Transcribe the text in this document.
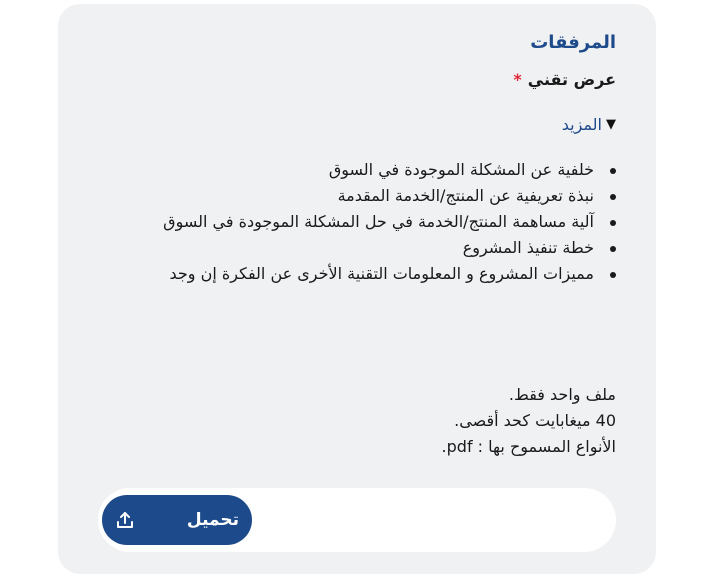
المرفقات
عرض تقني*
▼
المزيد
خلفية عن المشكلة الموجودة في السوق
نبذة تعريفية عن المنتج/الخدمة المقدمة
آلية مساهمة المنتج/الخدمة في حل المشكلة الموجودة في السوق
خطة تنفيذ المشروع
مميزات المشروع و المعلومات التقنية الأخرى عن الفكرة إن وجد
ملف واحد فقط.
40 ميغابايت كحد أقصى.
الأنواع المسموح بها : pdf.
تحميل
